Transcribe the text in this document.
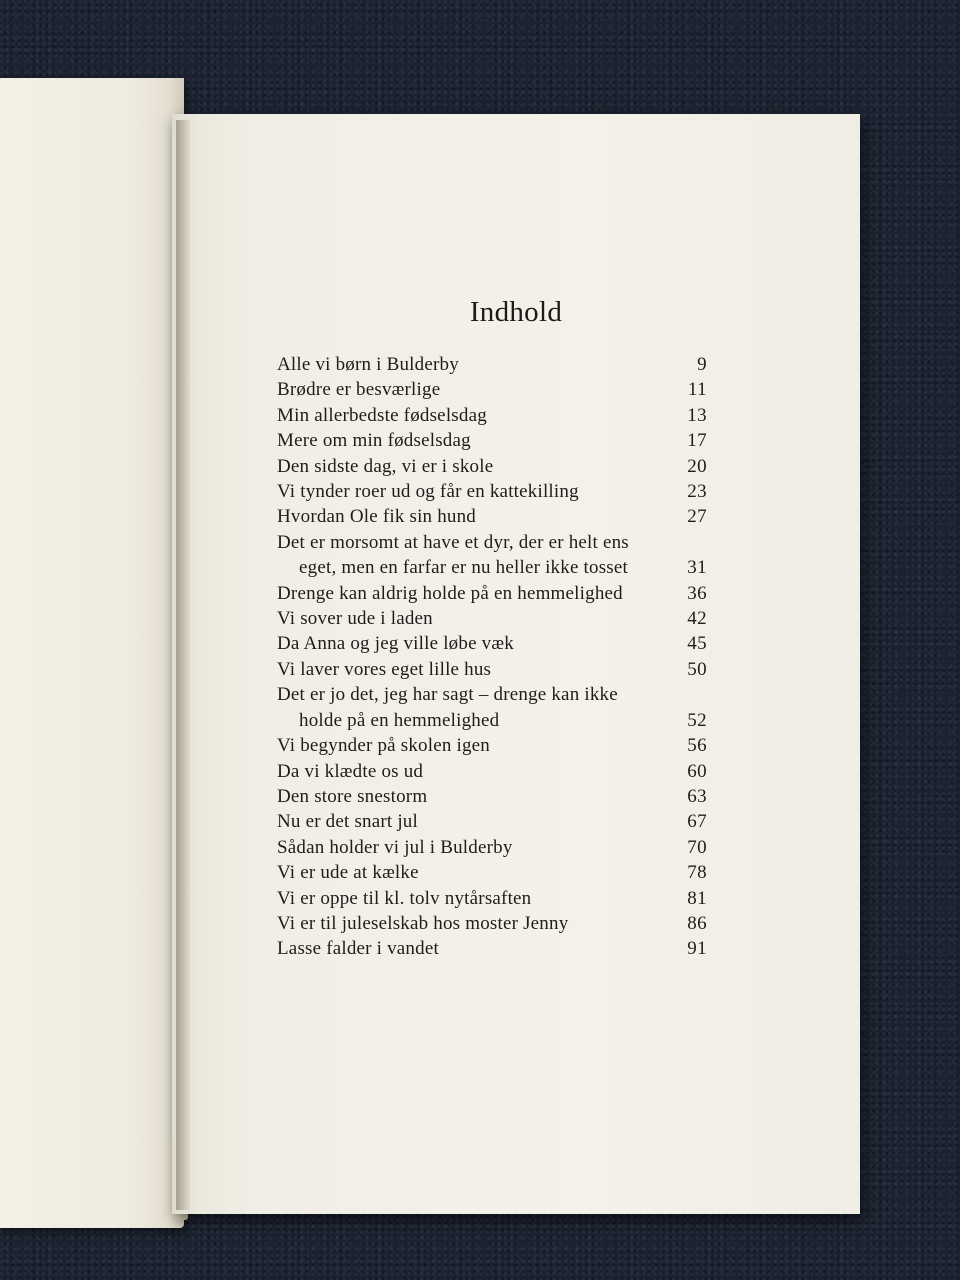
Indhold
Alle vi børn i Bulderby	9
Brødre er besværlige	11
Min allerbedste fødselsdag	13
Mere om min fødselsdag	17
Den sidste dag, vi er i skole	20
Vi tynder roer ud og får en kattekilling	23
Hvordan Ole fik sin hund	27
Det er morsomt at have et dyr, der er helt ens eget, men en farfar er nu heller ikke tosset	31
Drenge kan aldrig holde på en hemmelighed	36
Vi sover ude i laden	42
Da Anna og jeg ville løbe væk	45
Vi laver vores eget lille hus	50
Det er jo det, jeg har sagt – drenge kan ikke holde på en hemmelighed	52
Vi begynder på skolen igen	56
Da vi klædte os ud	60
Den store snestorm	63
Nu er det snart jul	67
Sådan holder vi jul i Bulderby	70
Vi er ude at kælke	78
Vi er oppe til kl. tolv nytårsaften	81
Vi er til juleselskab hos moster Jenny	86
Lasse falder i vandet	91
